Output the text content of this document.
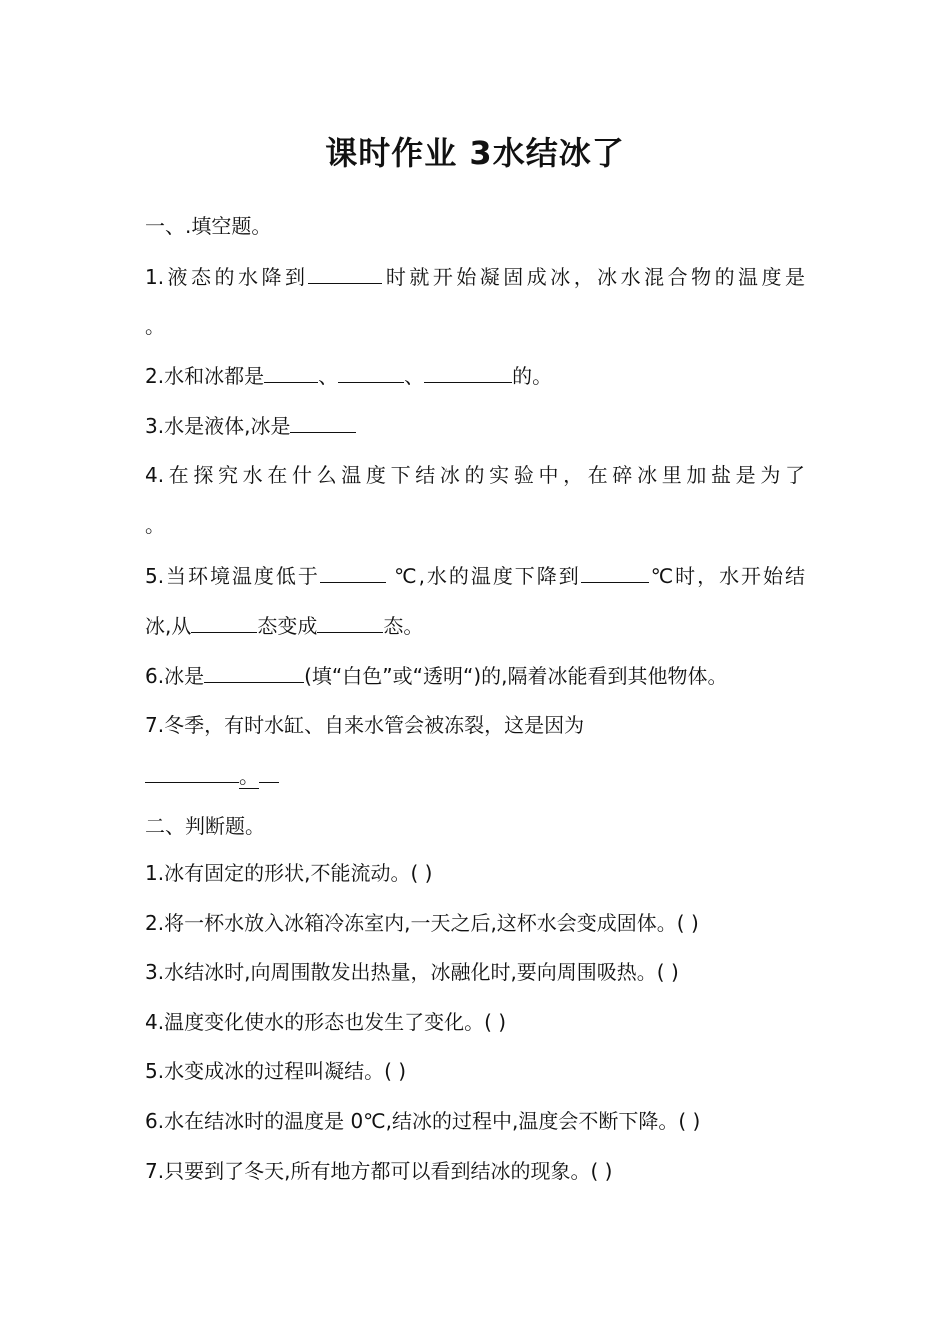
课时作业 3水结冰了
一、.填空题。
1.液态的水降到	时就开始凝固成冰，冰水混合物的温度是
。
2.水和冰都是	、	、	的。
3.水是液体,冰是
4.在探究水在什么温度下结冰的实验中，在碎冰里加盐是为了
。
5.当环境温度低于	℃,水的温度下降到	℃时，水开始结
冰,从	态变成	态。
6.冰是	(填“白色”或“透明“)的,隔着冰能看到其他物体。
7.冬季，有时水缸、自来水管会被冻裂，这是因为
。
二、判断题。
1.冰有固定的形状,不能流动。( )
2.将一杯水放入冰箱冷冻室内,一天之后,这杯水会变成固体。( )
3.水结冰时,向周围散发出热量，冰融化时,要向周围吸热。( )
4.温度变化使水的形态也发生了变化。( )
5.水变成冰的过程叫凝结。( )
6.水在结冰时的温度是 0℃,结冰的过程中,温度会不断下降。( )
7.只要到了冬天,所有地方都可以看到结冰的现象。( )
